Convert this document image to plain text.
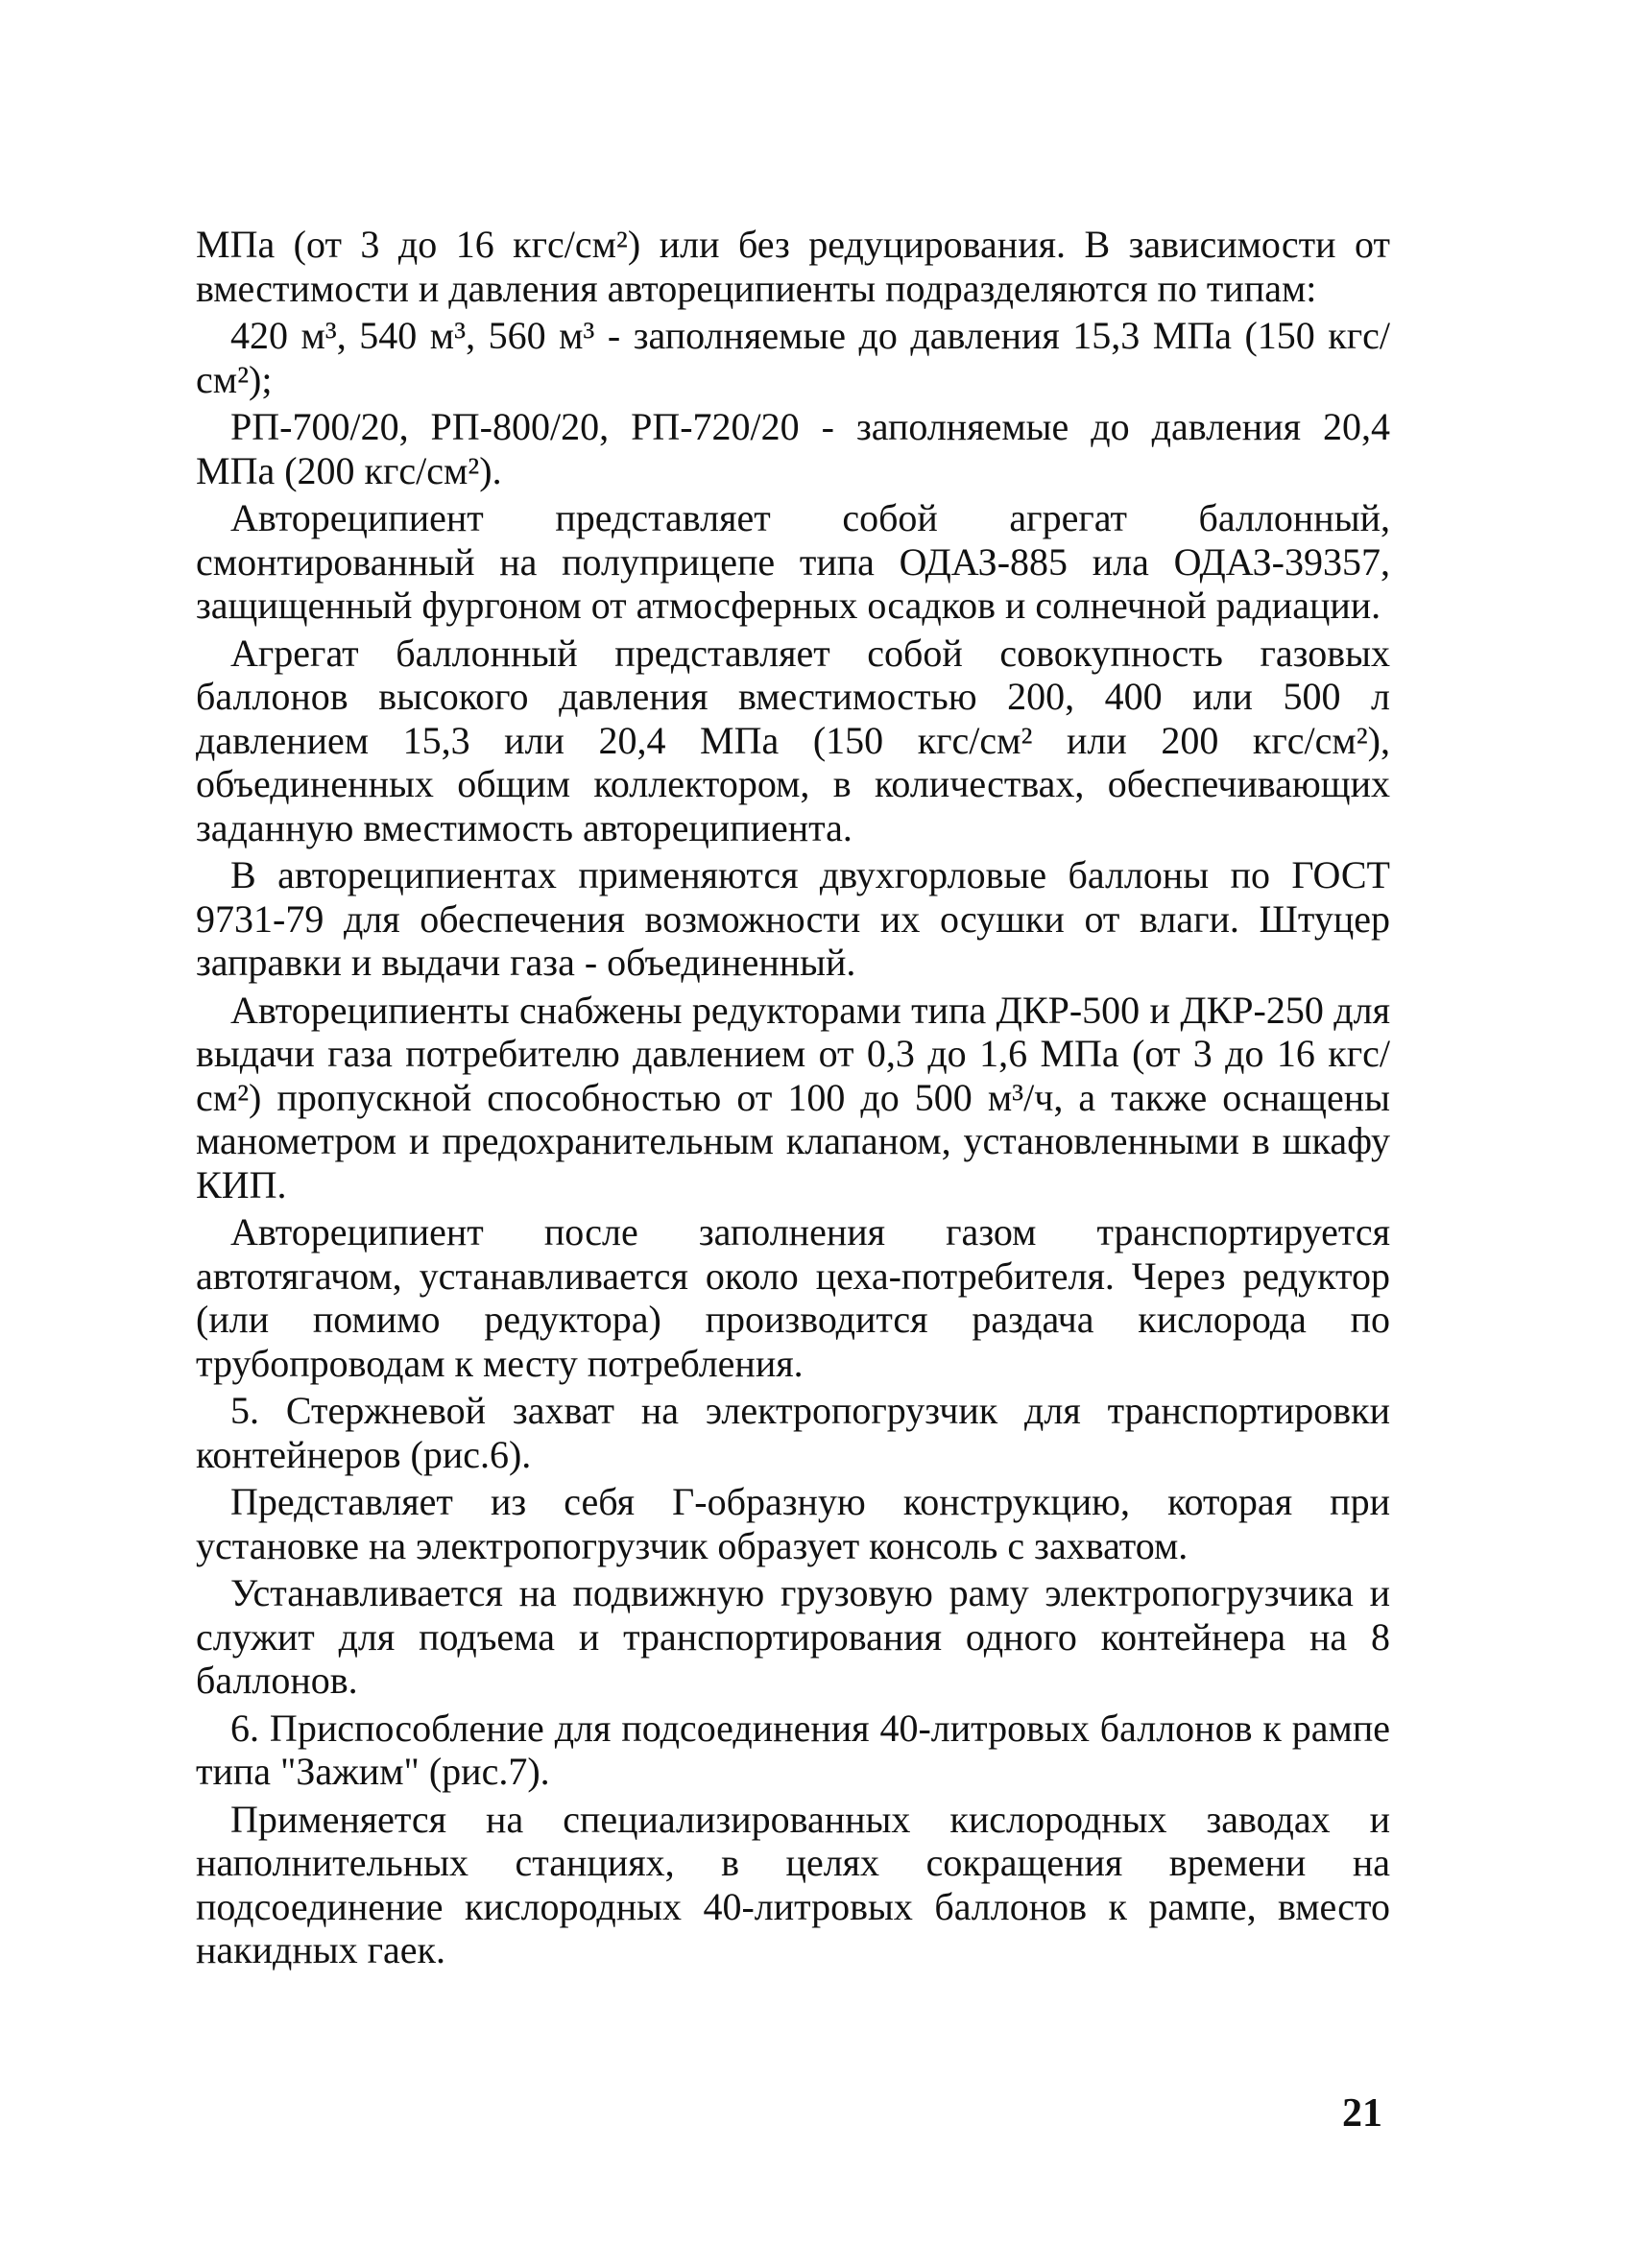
МПа (от 3 до 16 кгс/см²) или без редуцирования. В зависимости от вместимости и давления автореципиенты подразделяются по типам:

420 м³, 540 м³, 560 м³ - заполняемые до давления 15,3 МПа (150 кгс/см²);

РП-700/20, РП-800/20, РП-720/20 - заполняемые до давления 20,4 МПа (200 кгс/см²).

Автореципиент представляет собой агрегат баллонный, смонтированный на полуприцепе типа ОДАЗ-885 ила ОДАЗ-39357, защищенный фургоном от атмосферных осадков и солнечной радиации.

Агрегат баллонный представляет собой совокупность газовых баллонов высокого давления вместимостью 200, 400 или 500 л давлением 15,3 или 20,4 МПа (150 кгс/см² или 200 кгс/см²), объединенных общим коллектором, в количествах, обеспечивающих заданную вместимость автореципиента.

В автореципиентах применяются двухгорловые баллоны по ГОСТ 9731-79 для обеспечения возможности их осушки от влаги. Штуцер заправки и выдачи газа - объединенный.

Автореципиенты снабжены редукторами типа ДКР-500 и ДКР-250 для выдачи газа потребителю давлением от 0,3 до 1,6 МПа (от 3 до 16 кгс/см²) пропускной способностью от 100 до 500 м³/ч, а также оснащены манометром и предохранительным клапаном, установленными в шкафу КИП.

Автореципиент после заполнения газом транспортируется автотягачом, устанавливается около цеха-потребителя. Через редуктор (или помимо редуктора) производится раздача кислорода по трубопроводам к месту потребления.

5. Стержневой захват на электропогрузчик для транспортировки контейнеров (рис.6).

Представляет из себя Г-образную конструкцию, которая при установке на электропогрузчик образует консоль с захватом.

Устанавливается на подвижную грузовую раму электропогрузчика и служит для подъема и транспортирования одного контейнера на 8 баллонов.

6. Приспособление для подсоединения 40-литровых баллонов к рампе типа "Зажим" (рис.7).

Применяется на специализированных кислородных заводах и наполнительных станциях, в целях сокращения времени на подсоединение кислородных 40-литровых баллонов к рампе, вместо накидных гаек.

21
